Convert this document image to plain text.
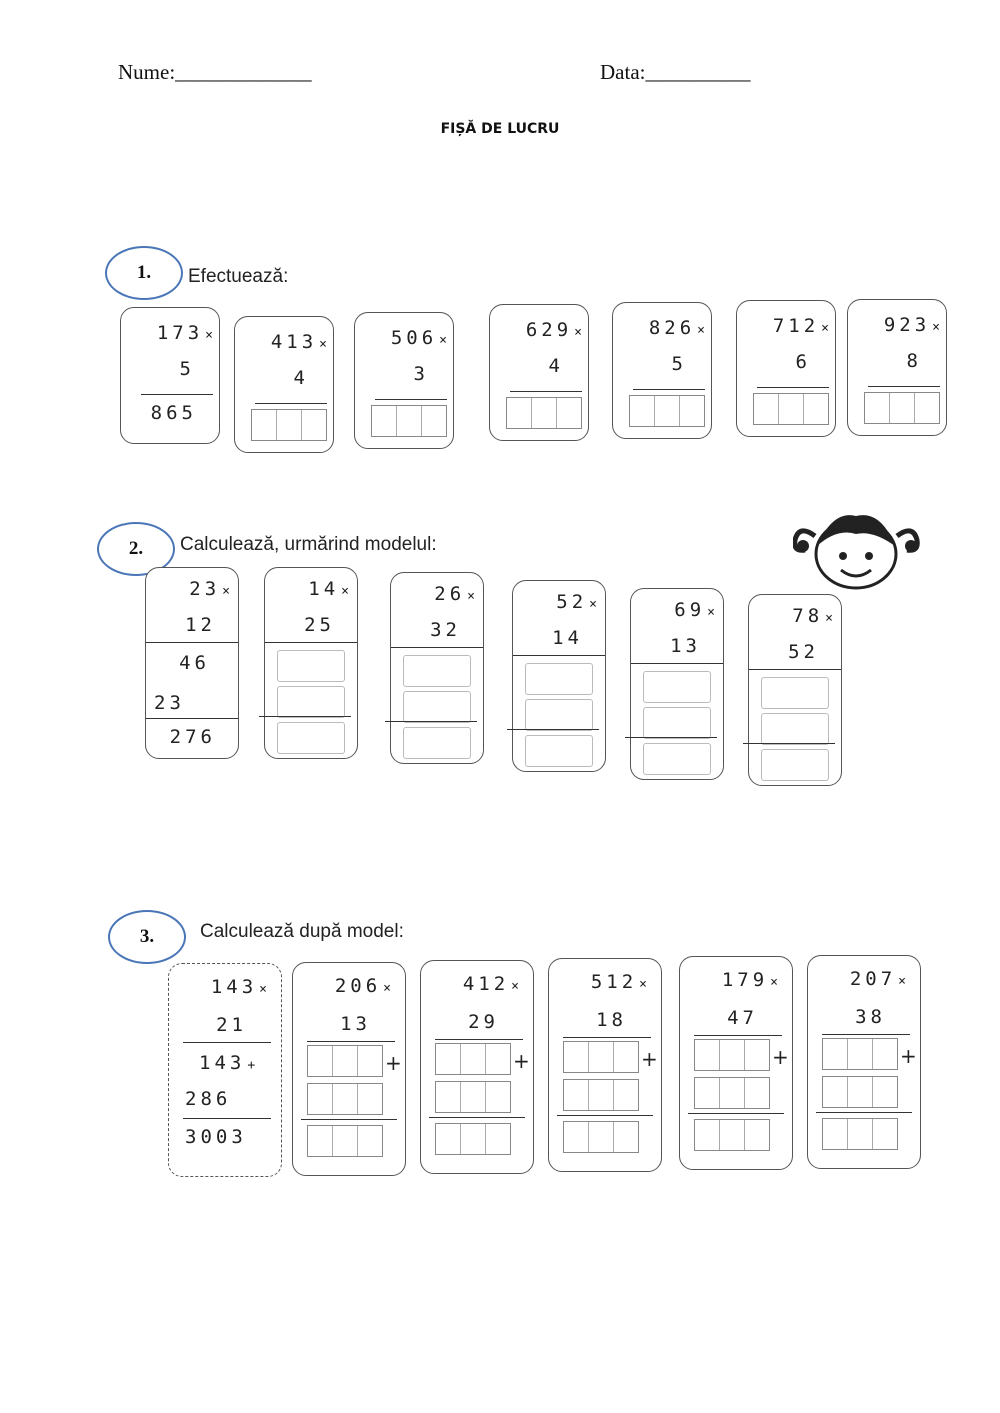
Nume:_____________	Data:__________
FIȘĂ DE LUCRU
1.	Efectuează:
173 ×
5
865
413 ×
4
506 ×
3
629 ×
4
826 ×
5
712 ×
6
923 ×
8
2.	Calculează, urmărind modelul:
23 ×
12
46
23
276
14 ×
25
26 ×
32
52 ×
14
69 ×
13
78 ×
52
3.	Calculează după model:
143 ×
21
143 +
286
3003
206 ×
13
+
412 ×
29
+
512 ×
18
+
179 ×
47
+
207 ×
38
+
